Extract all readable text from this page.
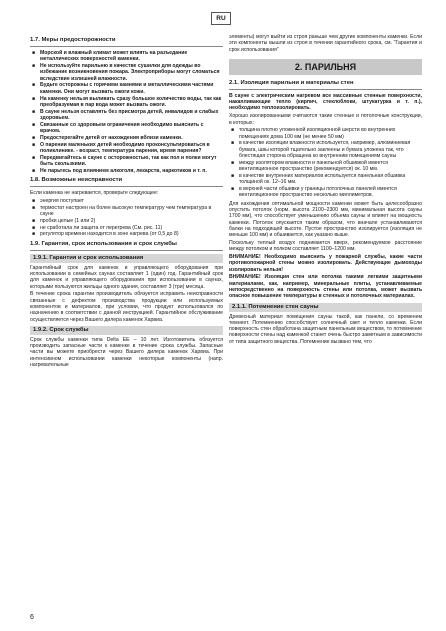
RU
1.7. Меры предосторожности
■ Морской и влажный климат может влиять на разъедание металлических поверхностей каменки.
■ Не используйте парильню в качестве сушилки для одежды во избежание возникновения пожара. Электроприборы могут сломаться вследствие излишней влажности.
■ Будьте осторожны с горячими камнями и металлическими частями каменки. Они могут вызвать ожоги кожи.
■ На каменку нельзя выливать сразу большое количество воды, так как преобразуемая в пар вода может вызвать ожоги.
■ В сауне нельзя оставлять без присмотра детей, инвалидов и слабых здоровьем.
■ Связанные со здоровьем ограничения необходимо выяснить с врачом.
■ Предостерегайте детей от нахождения вблизи каменки.
■ О парении маленьких детей необходимо проконсультироваться в поликлинике. - возраст, температура парения, время парения?
■ Передвигайтесь в сауне с осторожностью, так как пол и полки могут быть скользкими.
■ Не парьтесь под влиянием алкоголя, лекарств, наркотиков и т. п.
1.8. Возможные неисправности

Если каменка не нагревается, проверьте следующее:

■ энергия поступает
■ термостат настроен на более высокую температуру чем температура в сауне
■ пробки целые (1 или 2)
■ не сработала ли защита от перегрева (См. рис. 11)
■ регулятор времени находится в зоне нагрева (от 0,5 до 8)
1.9. Гарантия, срок использования и срок службы
1.9.1. Гарантия и срок использования

Гарантийный срок для каменок и управляющего оборудования при использовании в семейных саунах составляет 1 (один) год. Гарантийный срок для каменок и управляющего оборудования при использовании в саунах, которыми пользуются жильцы одного здания, составляет 3 (три) месяца.

В течение срока гарантии производитель обязуется исправить неисправности связанные с дефектом производства продукции или используемых компонентов и материалов, при условии, что продукт использовался по назначению в соответствии с данной инструкцией. Гарантийное обслуживание осуществляется через Вашего дилера каменок Харвиа.

1.9.2. Срок службы

Срок службы каменки типа Delta EE – 10 лет. Изготовитель обязуется производить запасные части к каменке в течение срока службы. Запасные части вы можете приобрести через Вашего дилера каменок Харвиа. При интенсивном использовании каменки некоторые компоненты (напр. нагревательные

элементы) могут выйти из строя раньше чем другие компоненты каменки. Если эти компоненты вышли из строя в течении гарантийного срока, см. "Гарантия и срок использования"

2. ПАРИЛЬНЯ
2.1. Изоляция парильни и материалы стен

В сауне с электрическим нагревом все массивные стенные поверхности, накапливающие тепло (кирпич, стеклоблоки, штукатурка и т. п.), необходимо теплоизолировать.

Хорошо изолированными считаются такие стенные и потолочные конструкции, в которых:

■ толщина плотно уложенной изоляционной шерсти во внутренних помещениях дома 100 мм (не менее 50 мм)
■ в качестве изоляции влажности используется, например, алюминиевая бумага, швы которой тщательно заклеены и бумага уложена так, что блестящая сторона обращена ко внутренним помещениям сауны
■ между изолятором влажности и панельной обшивкой имеется вентиляционное пространство (рекомендуется) ок. 10 мм.
■ в качестве внутренних материалов используется панельная обшивка толщиной ок. 12–16 мм.
■ в верхней части обшивки у границы потолочных панелей имеется вентиляционное пространство несколько миллиметров.

Для нахождения оптимальной мощности каменки может быть целесообразно опустить потолок (норм. высота 2100–2300 мм, минимальная высота сауны 1700 мм), что способствует уменьшению объема сауны и влияет на мощность каменки. Потолок опускается таким образом, что вначале устанавливаются балки на подходящей высоте. Пустое пространство изолируется (изоляция не меньше 100 мм) и обшивается, как указано выше.

Поскольку теплый воздух поднимается вверх, рекомендуемое расстояние между потолком и полком составляет 1100–1200 мм.

ВНИМАНИЕ! Необходимо выяснить у пожарной службы, какие части противопожарной стены можно изолировать. Действующие дымоходы изолировать нельзя!

ВНИМАНИЕ! Изоляция стен или потолка такими легкими защитными материалами, как, например, минеральные плиты, устанавливаемые непосредственно на поверхность стены или потолка, может вызвать опасное повышение температуры в стенных и потолочных материалах.

2.1.1. Потемнение стен сауны

Древесный материал помещения сауны такой, как панели, со временем темнеет. Потемнению способствует солнечный свет и тепло каменки. Если поверхность стен обработана защитным панельным веществом, то потемнение поверхности стены над каменкой станет очень быстро заметным в зависимости от типа защитного вещества. Потемнение вызвано тем, что

6
